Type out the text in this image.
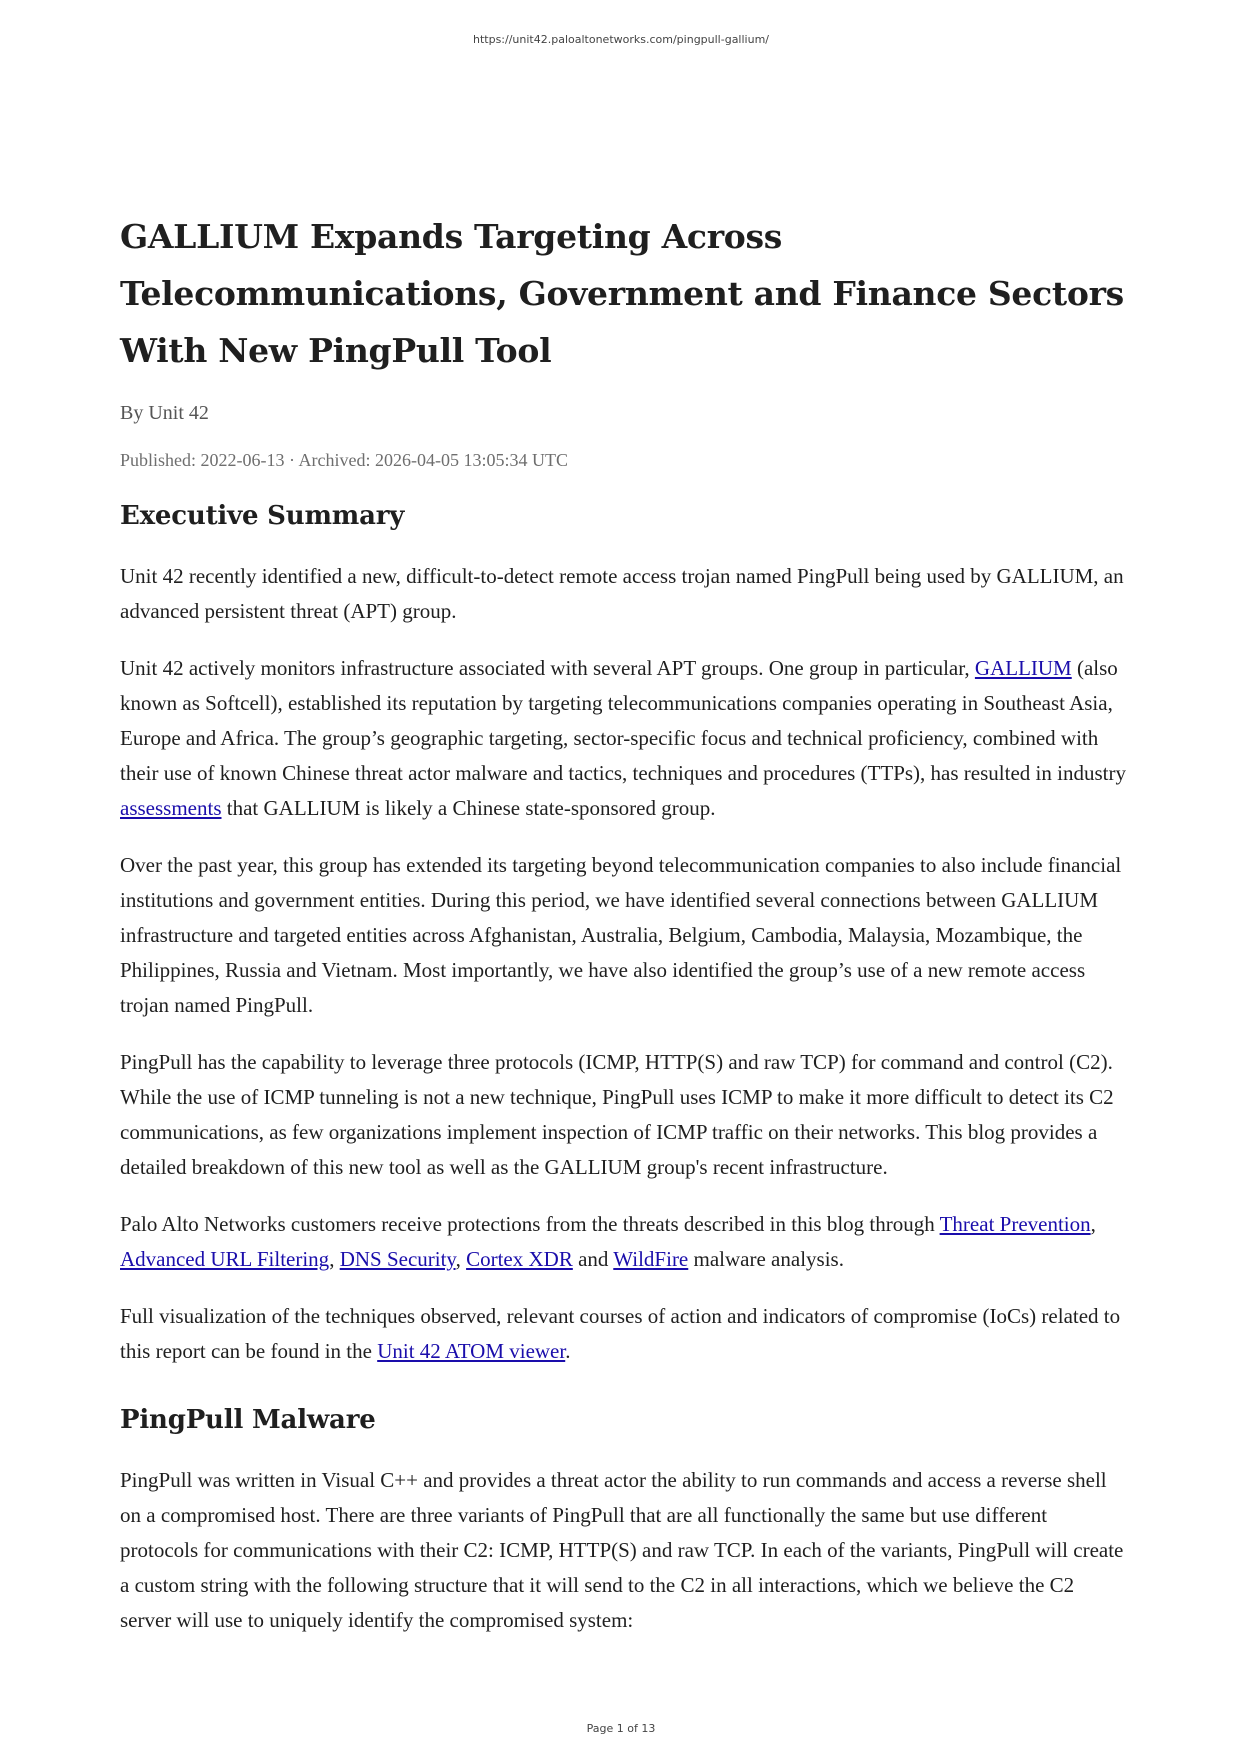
https://unit42.paloaltonetworks.com/pingpull-gallium/
GALLIUM Expands Targeting Across Telecommunications, Government and Finance Sectors With New PingPull Tool
By Unit 42
Published: 2022-06-13 · Archived: 2026-04-05 13:05:34 UTC
Executive Summary

Unit 42 recently identified a new, difficult-to-detect remote access trojan named PingPull being used by GALLIUM, an advanced persistent threat (APT) group.

Unit 42 actively monitors infrastructure associated with several APT groups. One group in particular, GALLIUM (also known as Softcell), established its reputation by targeting telecommunications companies operating in Southeast Asia, Europe and Africa. The group’s geographic targeting, sector-specific focus and technical proficiency, combined with their use of known Chinese threat actor malware and tactics, techniques and procedures (TTPs), has resulted in industry assessments that GALLIUM is likely a Chinese state-sponsored group.

Over the past year, this group has extended its targeting beyond telecommunication companies to also include financial institutions and government entities. During this period, we have identified several connections between GALLIUM infrastructure and targeted entities across Afghanistan, Australia, Belgium, Cambodia, Malaysia, Mozambique, the Philippines, Russia and Vietnam. Most importantly, we have also identified the group’s use of a new remote access trojan named PingPull.

PingPull has the capability to leverage three protocols (ICMP, HTTP(S) and raw TCP) for command and control (C2). While the use of ICMP tunneling is not a new technique, PingPull uses ICMP to make it more difficult to detect its C2 communications, as few organizations implement inspection of ICMP traffic on their networks. This blog provides a detailed breakdown of this new tool as well as the GALLIUM group's recent infrastructure.

Palo Alto Networks customers receive protections from the threats described in this blog through Threat Prevention, Advanced URL Filtering, DNS Security, Cortex XDR and WildFire malware analysis.

Full visualization of the techniques observed, relevant courses of action and indicators of compromise (IoCs) related to this report can be found in the Unit 42 ATOM viewer.

PingPull Malware

PingPull was written in Visual C++ and provides a threat actor the ability to run commands and access a reverse shell on a compromised host. There are three variants of PingPull that are all functionally the same but use different protocols for communications with their C2: ICMP, HTTP(S) and raw TCP. In each of the variants, PingPull will create a custom string with the following structure that it will send to the C2 in all interactions, which we believe the C2 server will use to uniquely identify the compromised system:

Page 1 of 13
